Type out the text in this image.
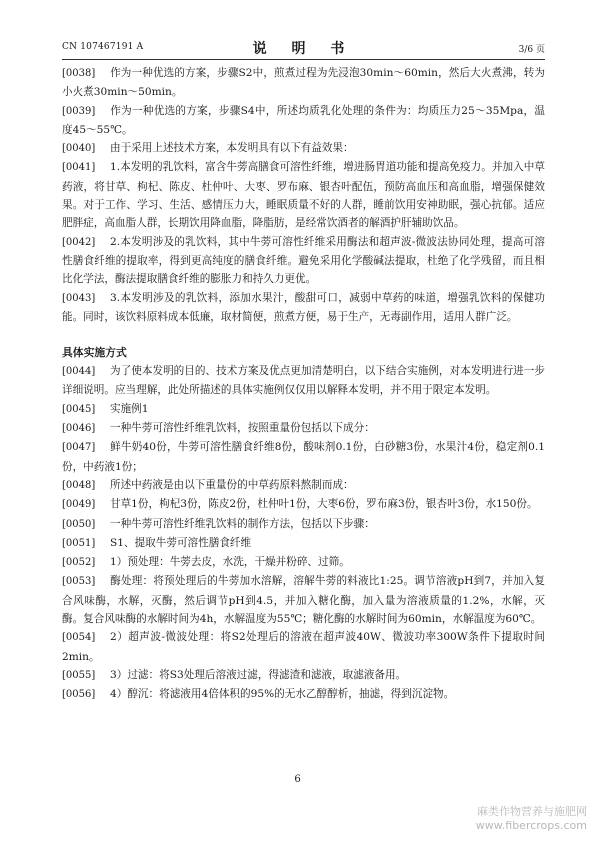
CN 107467191 A	说 明 书	3/6 页
[0038] 作为一种优选的方案，步骤S2中，煎煮过程为先浸泡30min～60min，然后大火煮沸，转为小火煮30min～50min。
[0039] 作为一种优选的方案，步骤S4中，所述均质乳化处理的条件为：均质压力25～35Mpa，温度45～55℃。
[0040] 由于采用上述技术方案，本发明具有以下有益效果：
[0041] 1.本发明的乳饮料，富含牛蒡高膳食可溶性纤维，增进肠胃道功能和提高免疫力。并加入中草药液，将甘草、枸杞、陈皮、杜仲叶、大枣、罗布麻、银杏叶配伍，预防高血压和高血脂，增强保健效果。对于工作、学习、生活、感情压力大，睡眠质量不好的人群，睡前饮用安神助眠，强心抗郁。适应肥胖症，高血脂人群，长期饮用降血脂，降脂肪，是经常饮酒者的解酒护肝辅助饮品。
[0042] 2.本发明涉及的乳饮料，其中牛蒡可溶性纤维采用酶法和超声波-微波法协同处理，提高可溶性膳食纤维的提取率，得到更高纯度的膳食纤维。避免采用化学酸碱法提取，杜绝了化学残留，而且相比化学法，酶法提取膳食纤维的膨胀力和持久力更优。
[0043] 3.本发明涉及的乳饮料，添加水果汁，酸甜可口，减弱中草药的味道，增强乳饮料的保健功能。同时，该饮料原料成本低廉，取材简便，煎煮方便，易于生产，无毒副作用，适用人群广泛。
具体实施方式
[0044] 为了使本发明的目的、技术方案及优点更加清楚明白，以下结合实施例，对本发明进行进一步详细说明。应当理解，此处所描述的具体实施例仅仅用以解释本发明，并不用于限定本发明。
[0045] 实施例1
[0046] 一种牛蒡可溶性纤维乳饮料，按照重量份包括以下成分：
[0047] 鲜牛奶40份，牛蒡可溶性膳食纤维8份，酸味剂0.1份，白砂糖3份，水果汁4份，稳定剂0.1份，中药液1份；
[0048] 所述中药液是由以下重量份的中草药原料熬制而成：
[0049] 甘草1份，枸杞3份，陈皮2份，杜仲叶1份，大枣6份，罗布麻3份，银杏叶3份，水150份。
[0050] 一种牛蒡可溶性纤维乳饮料的制作方法，包括以下步骤：
[0051] S1、提取牛蒡可溶性膳食纤维
[0052] 1）预处理：牛蒡去皮，水洗，干燥并粉碎、过筛。
[0053] 酶处理：将预处理后的牛蒡加水溶解，溶解牛蒡的料液比1:25。调节溶液pH到7，并加入复合风味酶，水解，灭酶，然后调节pH到4.5，并加入糖化酶，加入量为溶液质量的1.2%，水解，灭酶。复合风味酶的水解时间为4h，水解温度为55℃；糖化酶的水解时间为60min，水解温度为60℃。
[0054] 2）超声波-微波处理：将S2处理后的溶液在超声波40W、微波功率300W条件下提取时间2min。
[0055] 3）过滤：将S3处理后溶液过滤，得滤渣和滤液，取滤液备用。
[0056] 4）醇沉：将滤液用4倍体积的95%的无水乙醇醇析，抽滤，得到沉淀物。
6
麻类作物营养与施肥网
www.fibercrops.com
